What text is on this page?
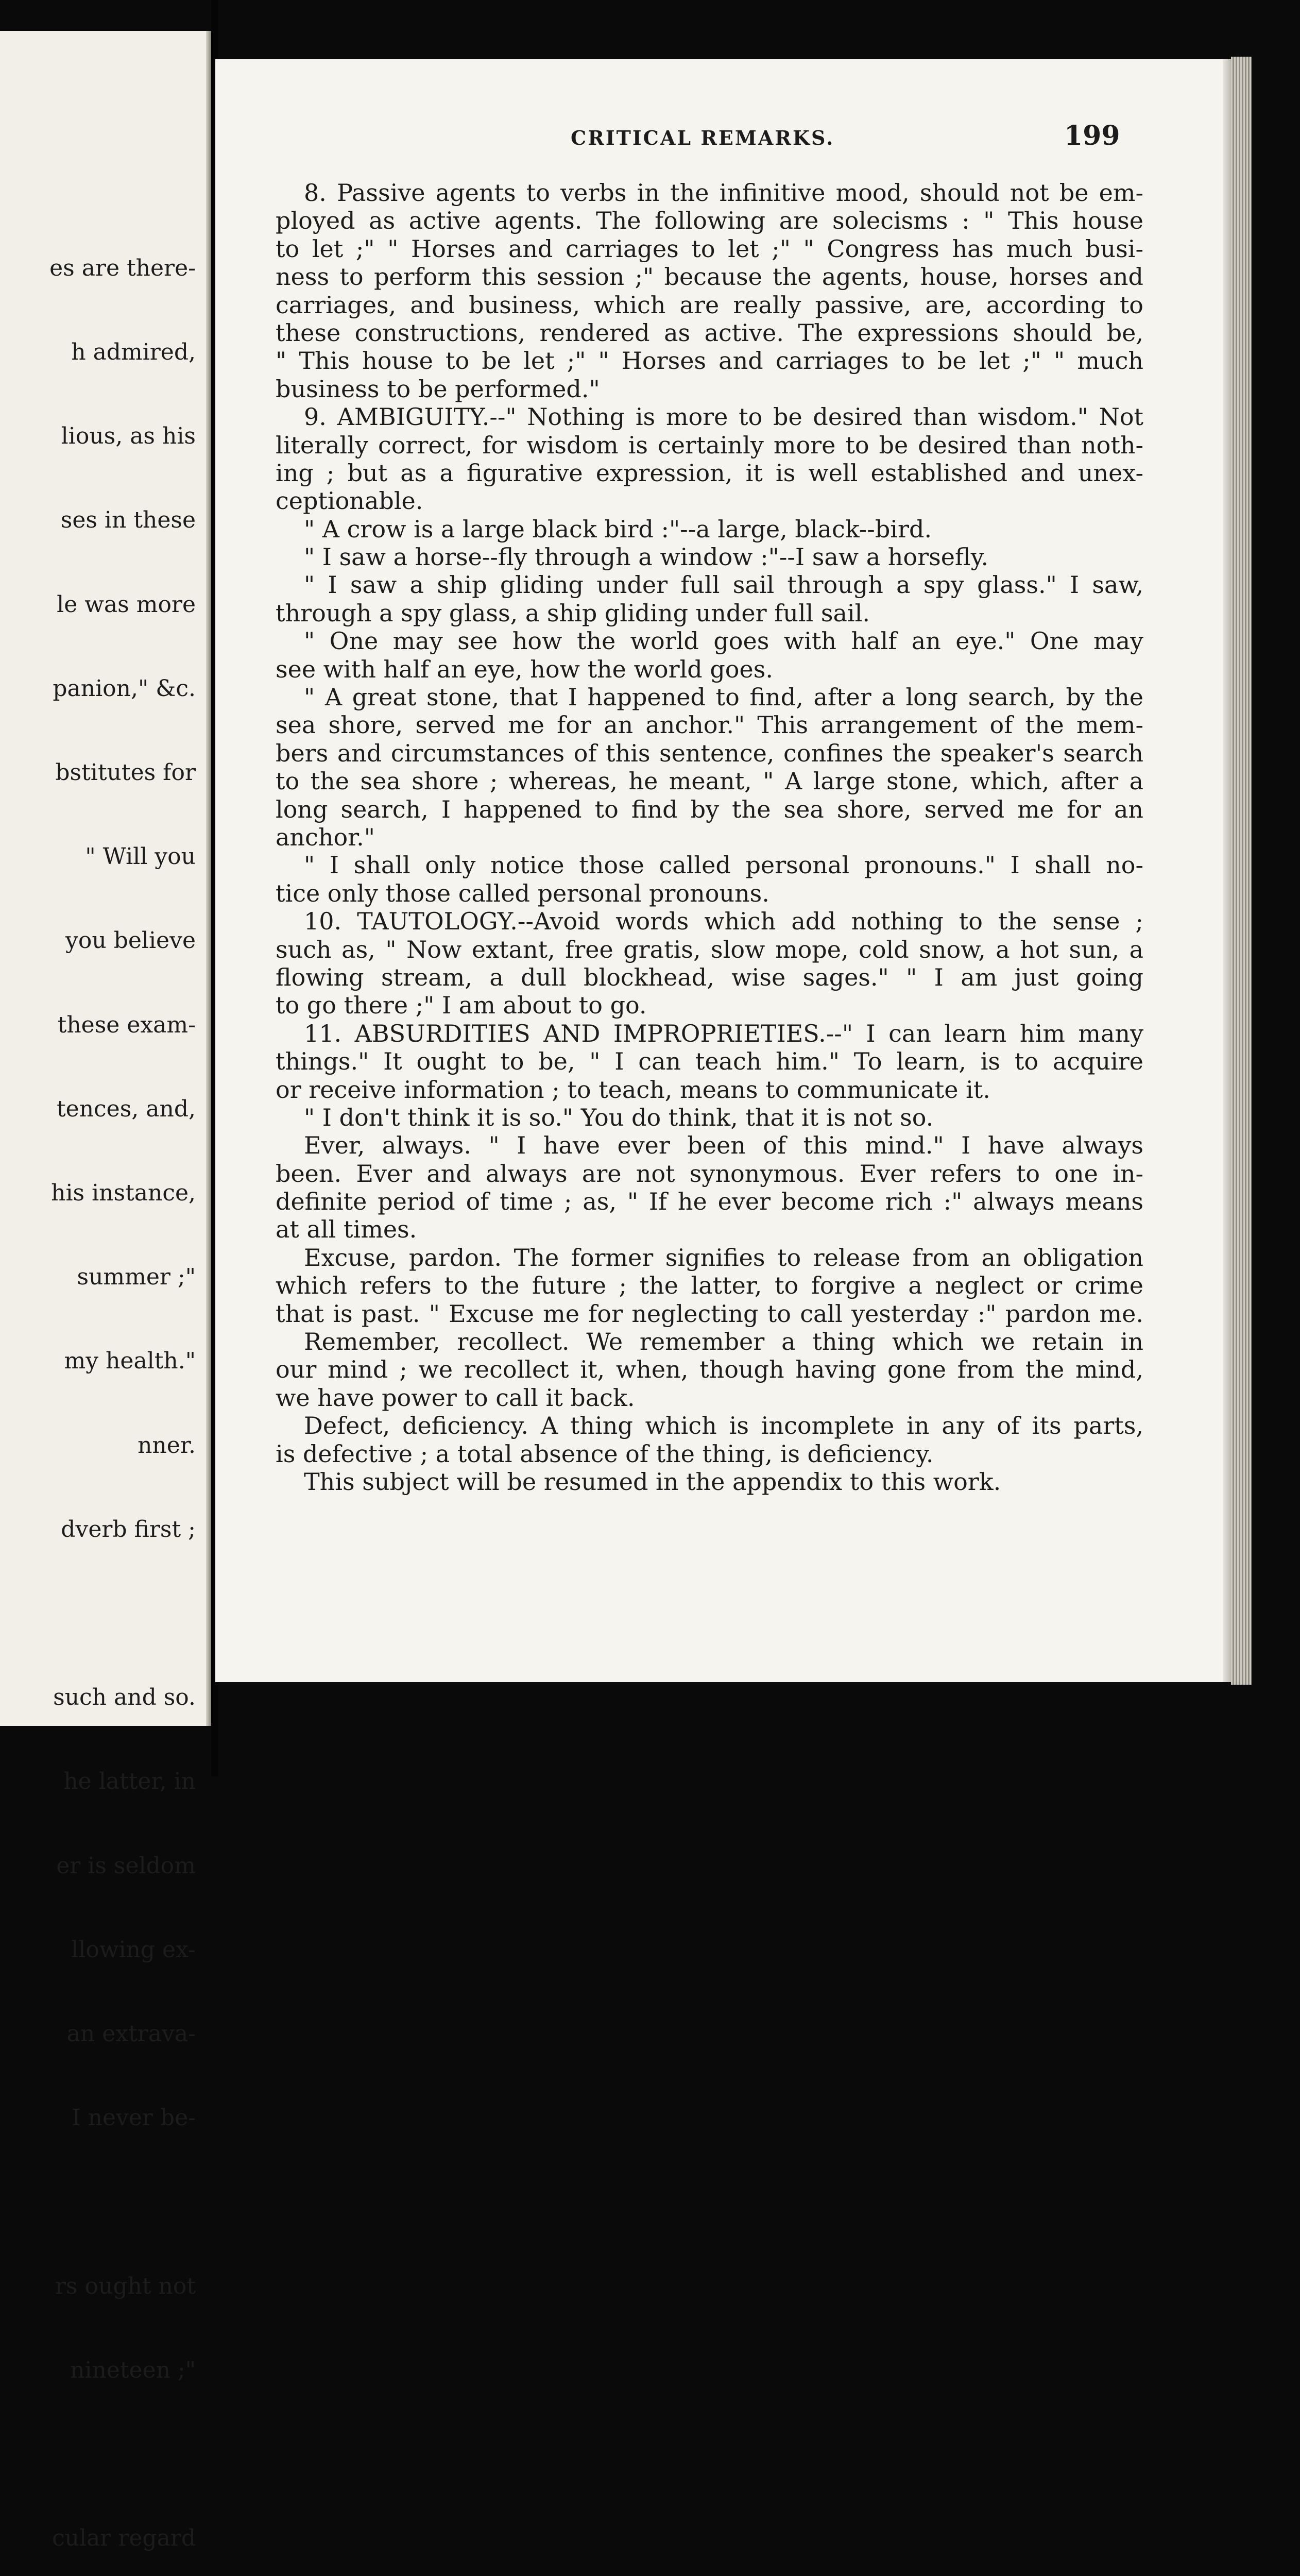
es are there-

h admired,

lious, as his

ses in these

le was more

panion," &c.

bstitutes for

" Will you

you believe

these exam-

tences, and,

his instance,

summer ;"

my health."

nner.

dverb first ;

such and so.

he latter, in

er is seldom

llowing ex-

an extrava-

I never be-

rs ought not

nineteen ;"

cular regard

CRITICAL REMARKS.	199
8. Passive agents to verbs in the infinitive mood, should not be em-
ployed as active agents. The following are solecisms : " This house
to let ;" " Horses and carriages to let ;" " Congress has much busi-
ness to perform this session ;" because the agents, house, horses and
carriages, and business, which are really passive, are, according to
these constructions, rendered as active. The expressions should be,
" This house to be let ;" " Horses and carriages to be let ;" " much
business to be performed."
9. AMBIGUITY.--" Nothing is more to be desired than wisdom." Not
literally correct, for wisdom is certainly more to be desired than noth-
ing ; but as a figurative expression, it is well established and unex-
ceptionable.
" A crow is a large black bird :"--a large, black--bird.
" I saw a horse--fly through a window :"--I saw a horsefly.
" I saw a ship gliding under full sail through a spy glass." I saw,
through a spy glass, a ship gliding under full sail.
" One may see how the world goes with half an eye." One may
see with half an eye, how the world goes.
" A great stone, that I happened to find, after a long search, by the
sea shore, served me for an anchor." This arrangement of the mem-
bers and circumstances of this sentence, confines the speaker's search
to the sea shore ; whereas, he meant, " A large stone, which, after a
long search, I happened to find by the sea shore, served me for an
anchor."
" I shall only notice those called personal pronouns." I shall no-
tice only those called personal pronouns.
10. TAUTOLOGY.--Avoid words which add nothing to the sense ;
such as, " Now extant, free gratis, slow mope, cold snow, a hot sun, a
flowing stream, a dull blockhead, wise sages." " I am just going
to go there ;" I am about to go.
11. ABSURDITIES AND IMPROPRIETIES.--" I can learn him many
things." It ought to be, " I can teach him." To learn, is to acquire
or receive information ; to teach, means to communicate it.
" I don't think it is so." You do think, that it is not so.
Ever, always. " I have ever been of this mind." I have always
been. Ever and always are not synonymous. Ever refers to one in-
definite period of time ; as, " If he ever become rich :" always means
at all times.
Excuse, pardon. The former signifies to release from an obligation
which refers to the future ; the latter, to forgive a neglect or crime
that is past. " Excuse me for neglecting to call yesterday :" pardon me.
Remember, recollect. We remember a thing which we retain in
our mind ; we recollect it, when, though having gone from the mind,
we have power to call it back.
Defect, deficiency. A thing which is incomplete in any of its parts,
is defective ; a total absence of the thing, is deficiency.
This subject will be resumed in the appendix to this work.
